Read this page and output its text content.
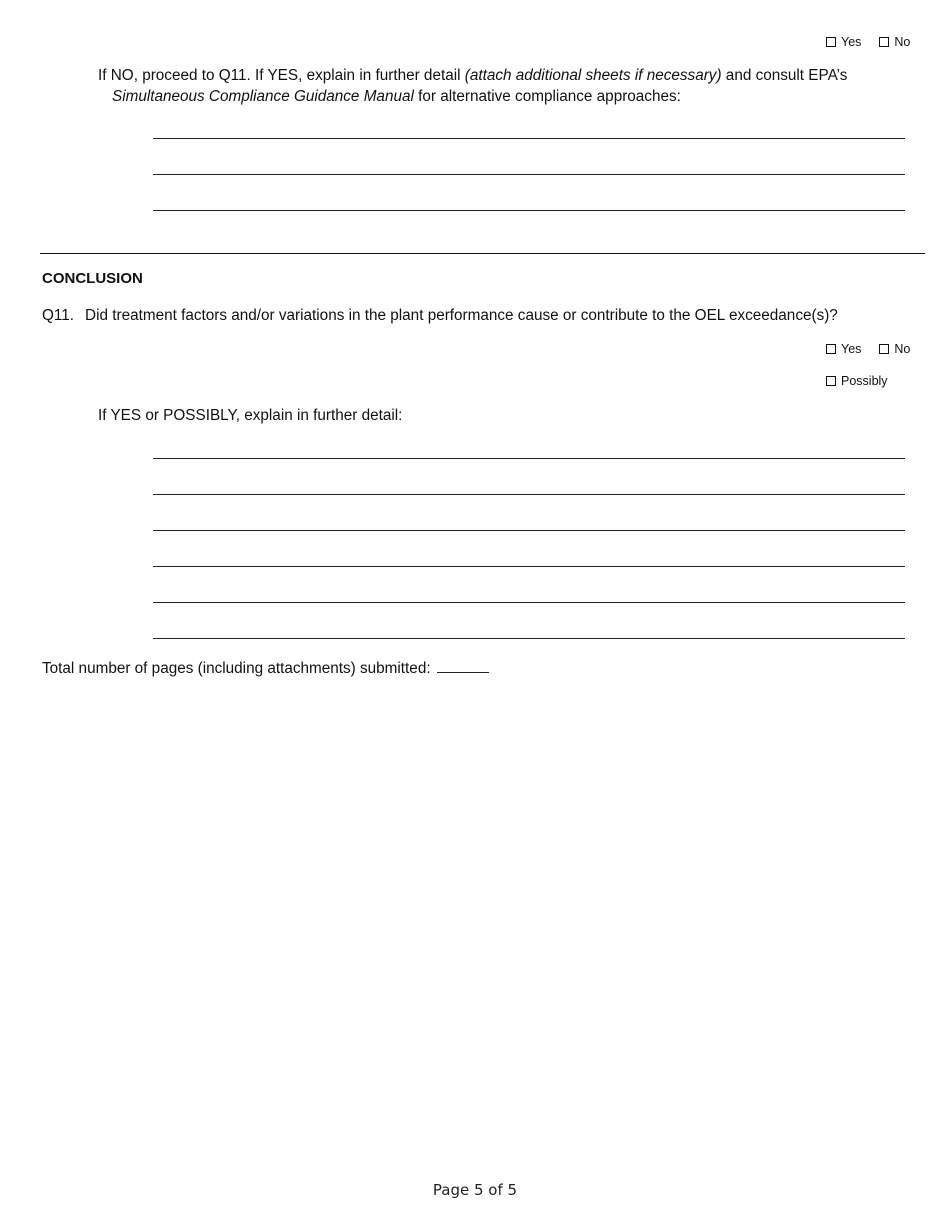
Yes	No
If NO, proceed to Q11. If YES, explain in further detail (attach additional sheets if necessary) and consult EPA’s
Simultaneous Compliance Guidance Manual for alternative compliance approaches:
CONCLUSION
Q11. Did treatment factors and/or variations in the plant performance cause or contribute to the OEL exceedance(s)?
Yes	No
Possibly
If YES or POSSIBLY, explain in further detail:
Total number of pages (including attachments) submitted:
Page 5 of 5
